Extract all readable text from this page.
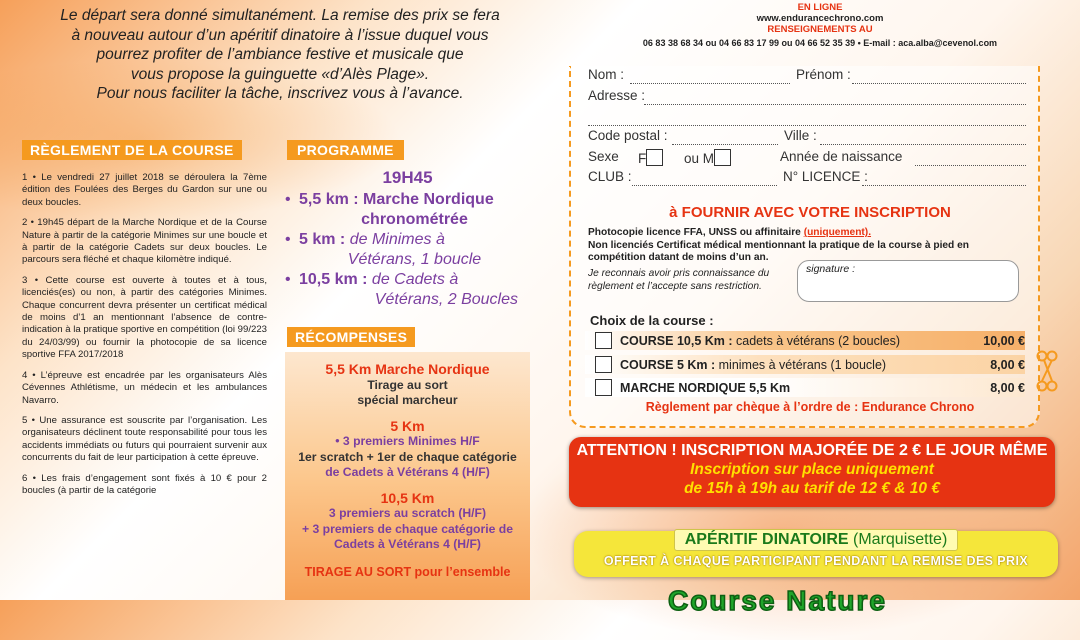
Le départ sera donné simultanément. La remise des prix se fera
à nouveau autour d’un apéritif dinatoire à l’issue duquel vous
pourrez profiter de l’ambiance festive et musicale que
vous propose la guinguette «d’Alès Plage».
Pour nous faciliter la tâche, inscrivez vous à l’avance.
RÈGLEMENT DE LA COURSE

1 • Le vendredi 27 juillet 2018 se déroulera la 7ème édition des Foulées des Berges du Gardon sur une ou deux boucles.

2 • 19h45 départ de la Marche Nordique et de la Course Nature à partir de la catégorie Minimes sur une boucle et à partir de la catégorie Cadets sur deux boucles. Le parcours sera fléché et chaque kilomètre indiqué.

3 • Cette course est ouverte à toutes et à tous, licenciés(es) ou non, à partir des catégories Minimes. Chaque concurrent devra présenter un certificat médical de moins d’1 an mentionnant l’absence de contre-indication à la pratique sportive en compétition (loi 99/223 du 24/03/99) ou fournir la photocopie de sa licence sportive FFA 2017/2018

4 • L’épreuve est encadrée par les organisateurs Alès Cévennes Athlétisme, un médecin et les ambulances Navarro.

5 • Une assurance est souscrite par l’organisation. Les organisateurs déclinent toute responsabilité pour tous les accidents immédiats ou futurs qui pourraient survenir aux concurrents du fait de leur participation à cette épreuve.

6 • Les frais d’engagement sont fixés à 10 € pour 2 boucles (à partir de la catégorie

PROGRAMME
19H45
• 5,5 km : Marche Nordique

chronométrée
• 5 km : de Minimes à

Vétérans, 1 boucle
• 10,5 km : de Cadets à

Vétérans, 2 Boucles
RÉCOMPENSES
5,5 Km Marche Nordique
Tirage au sort
spécial marcheur
5 Km
• 3 premiers Minimes H/F
1er scratch + 1er de chaque catégorie
de Cadets à Vétérans 4 (H/F)
10,5 Km
3 premiers au scratch (H/F)
+ 3 premiers de chaque catégorie de
Cadets à Vétérans 4 (H/F)
TIRAGE AU SORT pour l’ensemble
EN LIGNE
www.endurancechrono.com
RENSEIGNEMENTS AU
06 83 38 68 34 ou 04 66 83 17 99 ou 04 66 52 35 39 • E-mail : aca.alba@cevenol.com
Nom :	Prénom :
Adresse :
Code postal :	Ville :
Sexe F	ou M	Année de naissance
CLUB :	N° LICENCE :
à FOURNIR AVEC VOTRE INSCRIPTION
Photocopie licence FFA, UNSS ou affinitaire (uniquement).
Non licenciés Certificat médical mentionnant la pratique de la course à pied en
compétition datant de moins d’un an.
Je reconnais avoir pris connaissance du
règlement et l’accepte sans restriction.
signature :
Choix de la course :
COURSE 10,5 Km : cadets à vétérans (2 boucles)	10,00 €
COURSE 5 Km : minimes à vétérans (1 boucle)	8,00 €
MARCHE NORDIQUE 5,5 Km	8,00 €
Règlement par chèque à l’ordre de : Endurance Chrono
ATTENTION ! INSCRIPTION MAJORÉE DE 2 € LE JOUR MÊME
Inscription sur place uniquement
de 15h à 19h au tarif de 12 € & 10 €
APÉRITIF DINATOIRE (Marquisette)
OFFERT À CHAQUE PARTICIPANT PENDANT LA REMISE DES PRIX
Course Nature
